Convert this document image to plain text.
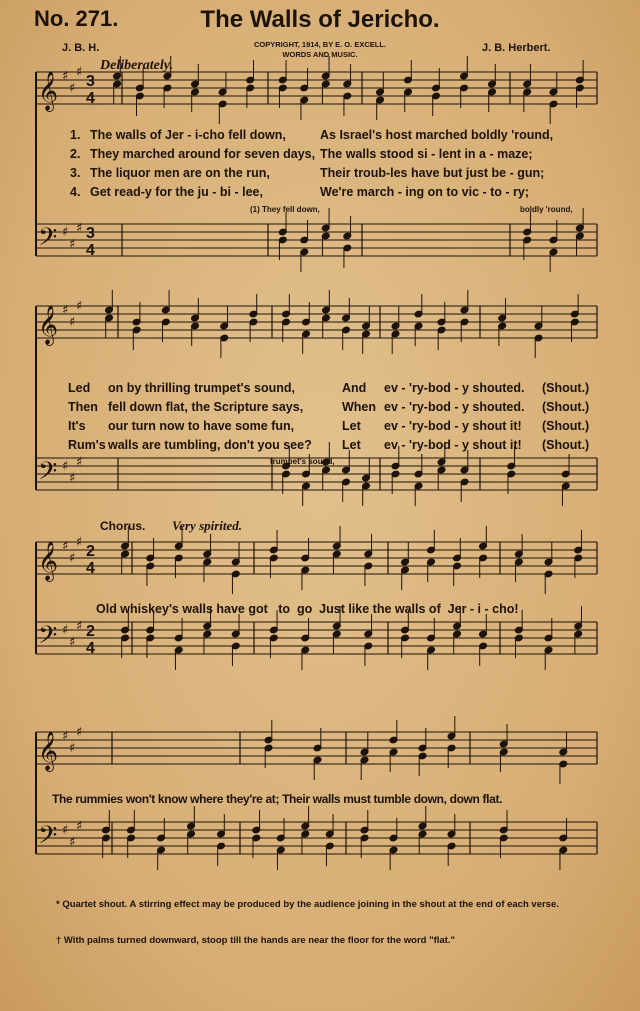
No. 271.	The Walls of Jericho.
J. B. H.	COPYRIGHT, 1914, BY E. O. EXCELL.
WORDS AND MUSIC.
J. B. Herbert.
𝄞
𝄢
♯
♯
♯
♯
♯
♯
3
4
3
4
𝄞
𝄢
♯
♯
♯
♯
♯
♯
𝄞
𝄢
♯
♯
♯
♯
♯
♯
2
4
2
4
𝄞
𝄢
♯
♯
♯
♯
♯
♯
Deliberately.
1. The walls of Jer - i-cho fell down,	As Israel's host marched boldly 'round,
2. They marched around for seven days, The walls stood si - lent in a - maze;
3. The liquor men are on the run,	Their troub-les have but just be - gun;
4. Get read-y for the ju - bi - lee,	We're march - ing on to vic - to - ry;
(1) They fell down,	boldly 'round,
Led on by thrilling trumpet's sound,	And ev - 'ry-bod - y shouted. (Shout.)
Then fell down flat, the Scripture says,	When ev - 'ry-bod - y shouted. (Shout.)
It's our turn now to have some fun,	Let ev - 'ry-bod - y shout it! (Shout.)
Rum's walls are tumbling, don't you see? Let ev - 'ry-bod - y shout it! (Shout.)
trumpet's sound,
Chorus. Very spirited.
Old whiskey's walls have got   to  go  Just like the walls of  Jer - i - cho!
The rummies won't know where they're at; Their walls must tumble down, down flat.
* Quartet shout. A stirring effect may be produced by the audience joining in the shout at the end of each verse.
† With palms turned downward, stoop till the hands are near the floor for the word "flat."
